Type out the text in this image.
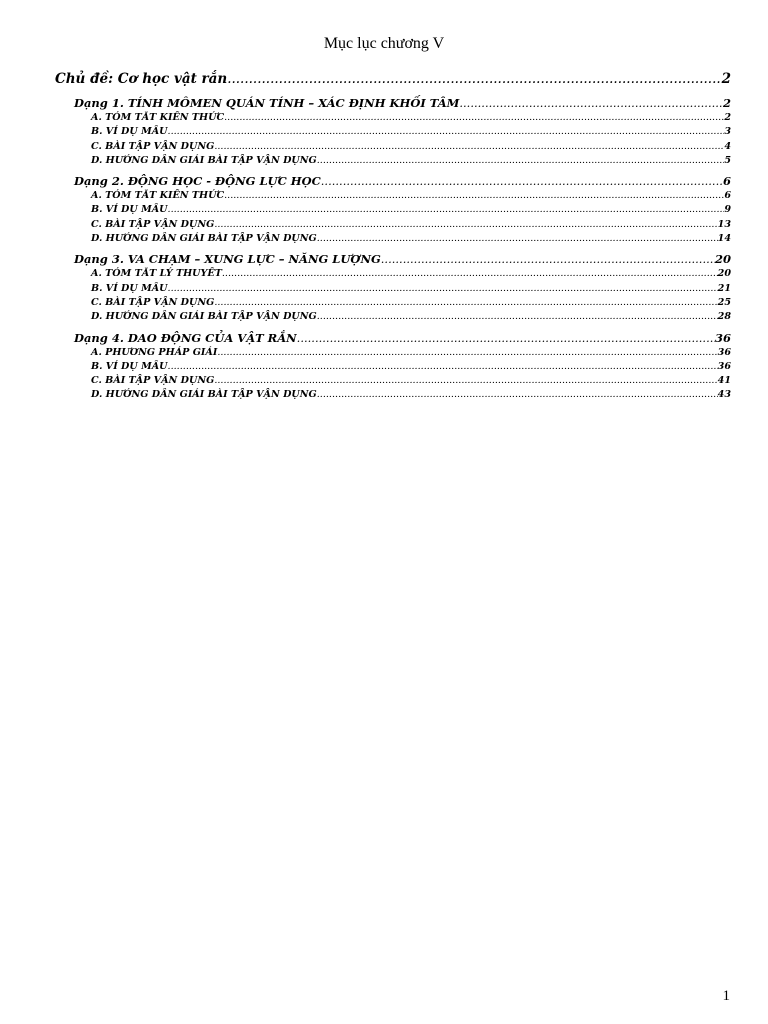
Mục lục chương V
Chủ đề: Cơ học vật rắn .....	2
Dạng 1. TÍNH MÔMEN QUÁN TÍNH – XÁC ĐỊNH KHỐI TÂM .....	2
A. TÓM TẮT KIẾN THỨC .....	2
B. VÍ DỤ MẪU .....	3
C. BÀI TẬP VẬN DỤNG .....	4
D. HƯỚNG DẪN GIẢI BÀI TẬP VẬN DỤNG .....	5
Dạng 2. ĐỘNG HỌC - ĐỘNG LỰC HỌC .....	6
A. TÓM TẮT KIẾN THỨC .....	6
B. VÍ DỤ MẪU .....	9
C. BÀI TẬP VẬN DỤNG .....	13
D. HƯỚNG DẪN GIẢI BÀI TẬP VẬN DỤNG .....	14
Dạng 3. VA CHẠM – XUNG LỰC – NĂNG LƯỢNG .....	20
A. TÓM TẮT LÝ THUYẾT .....	20
B. VÍ DỤ MẪU .....	21
C. BÀI TẬP VẬN DỤNG .....	25
D. HƯỚNG DẪN GIẢI BÀI TẬP VẬN DỤNG .....	28
Dạng 4. DAO ĐỘNG CỦA VẬT RẮN .....	36
A. PHƯƠNG PHÁP GIẢI .....	36
B. VÍ DỤ MẪU .....	36
C. BÀI TẬP VẬN DỤNG .....	41
D. HƯỚNG DẪN GIẢI BÀI TẬP VẬN DỤNG .....	43
1
